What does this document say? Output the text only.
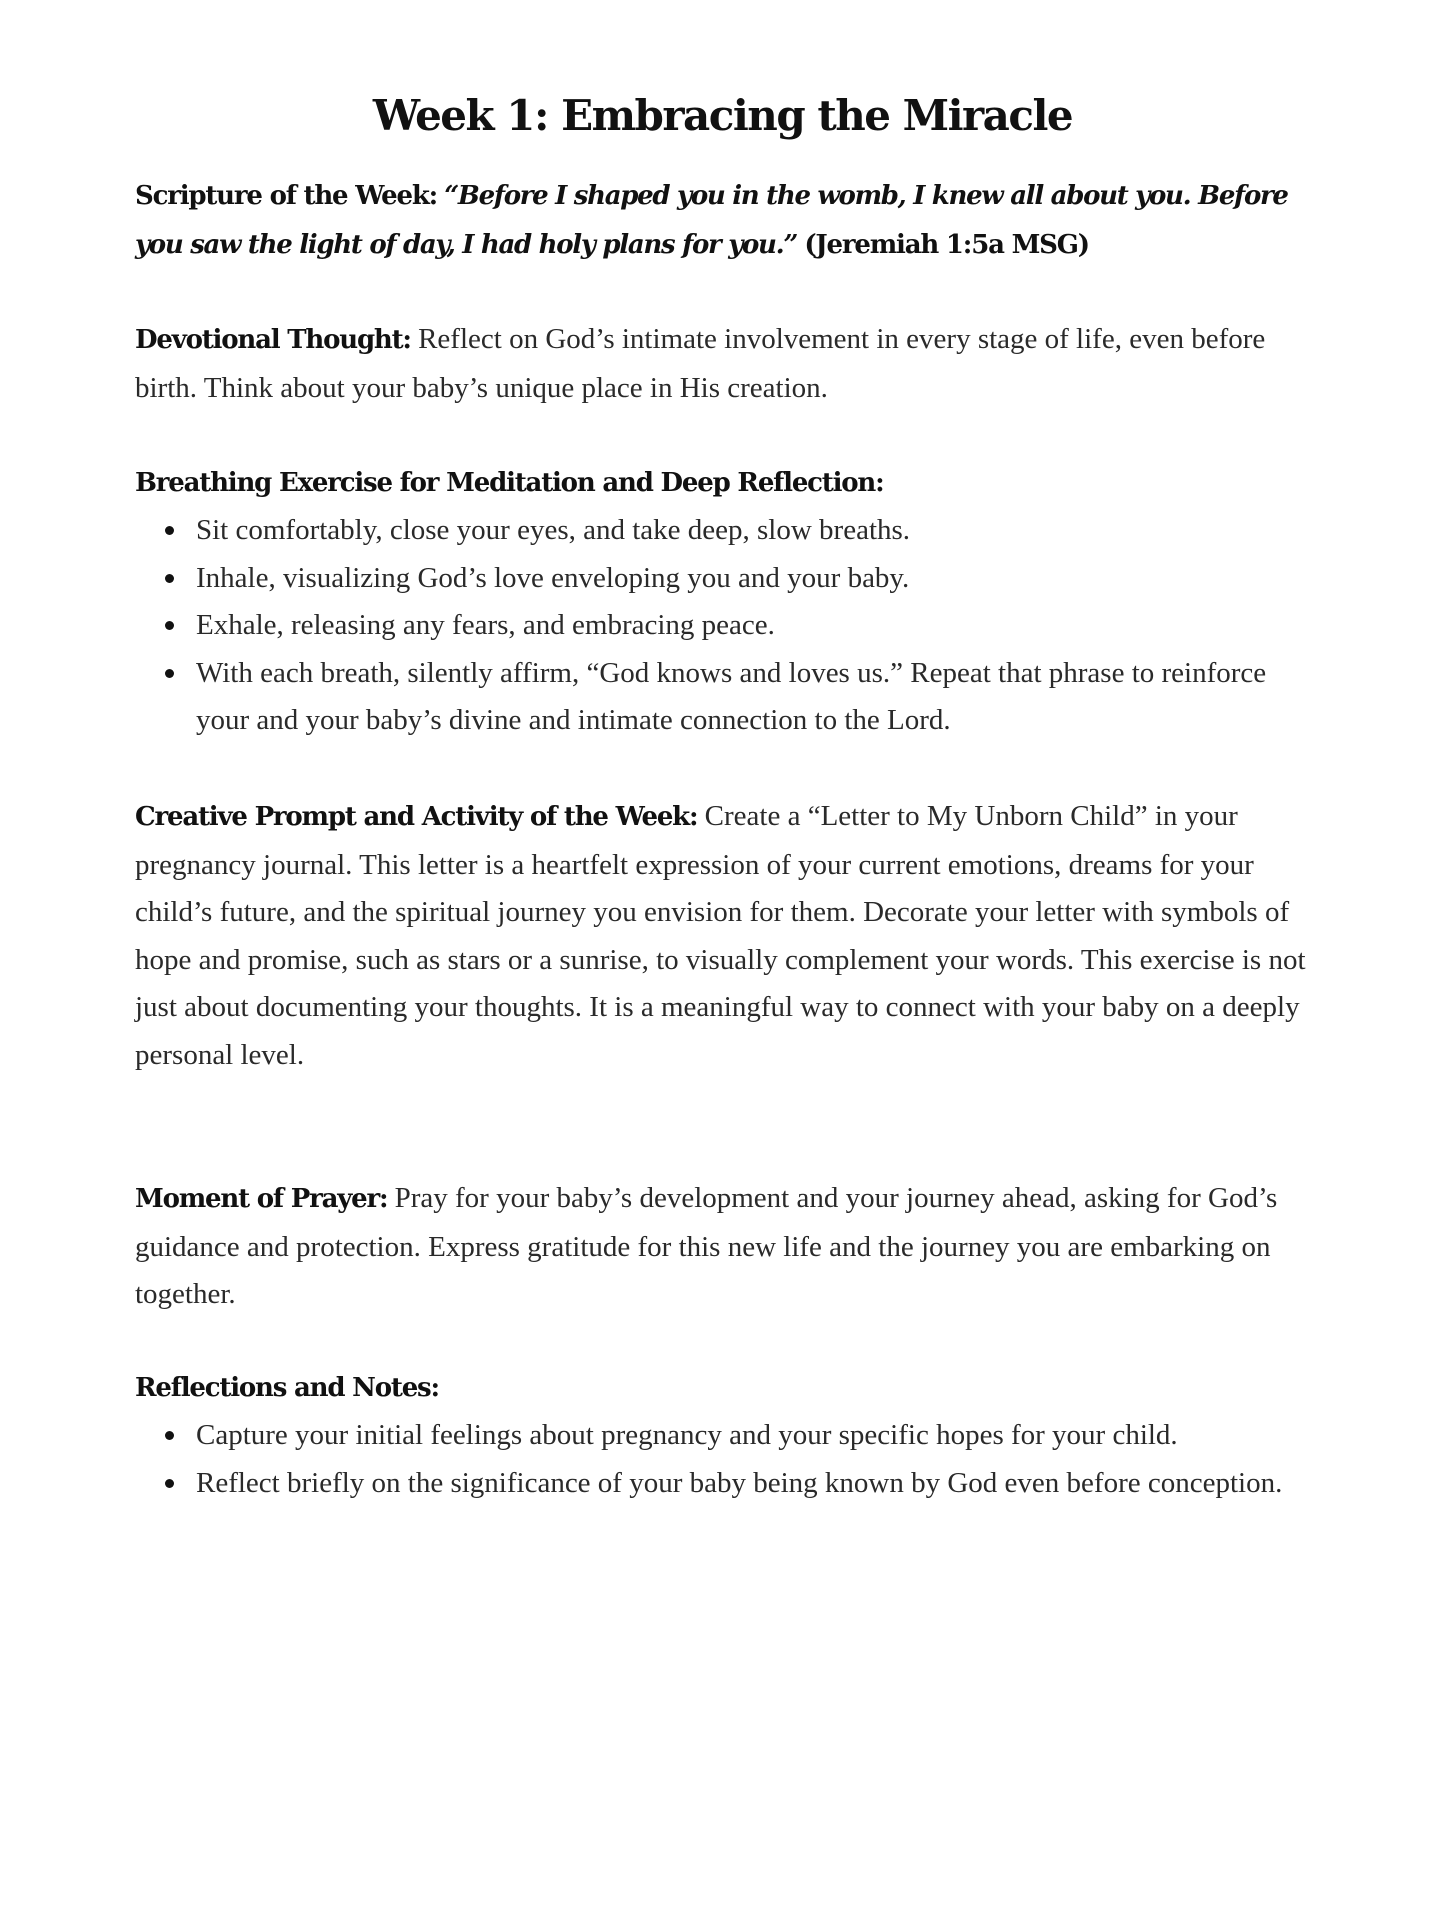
Week 1: Embracing the Miracle

Scripture of the Week: “Before I shaped you in the womb, I knew all about you. Before you saw the light of day, I had holy plans for you.” (Jeremiah 1:5a MSG)

Devotional Thought: Reflect on God’s intimate involvement in every stage of life, even before birth. Think about your baby’s unique place in His creation.

Breathing Exercise for Meditation and Deep Reflection:
Sit comfortably, close your eyes, and take deep, slow breaths.
Inhale, visualizing God’s love enveloping you and your baby.
Exhale, releasing any fears, and embracing peace.
With each breath, silently affirm, “God knows and loves us.” Repeat that phrase to reinforce your and your baby’s divine and intimate connection to the Lord.

Creative Prompt and Activity of the Week: Create a “Letter to My Unborn Child” in your pregnancy journal. This letter is a heartfelt expression of your current emotions, dreams for your child’s future, and the spiritual journey you envision for them. Decorate your letter with symbols of hope and promise, such as stars or a sunrise, to visually complement your words. This exercise is not just about documenting your thoughts. It is a meaningful way to connect with your baby on a deeply personal level.

Moment of Prayer: Pray for your baby’s development and your journey ahead, asking for God’s guidance and protection. Express gratitude for this new life and the journey you are embarking on together.

Reflections and Notes:
Capture your initial feelings about pregnancy and your specific hopes for your child.
Reflect briefly on the significance of your baby being known by God even before conception.
